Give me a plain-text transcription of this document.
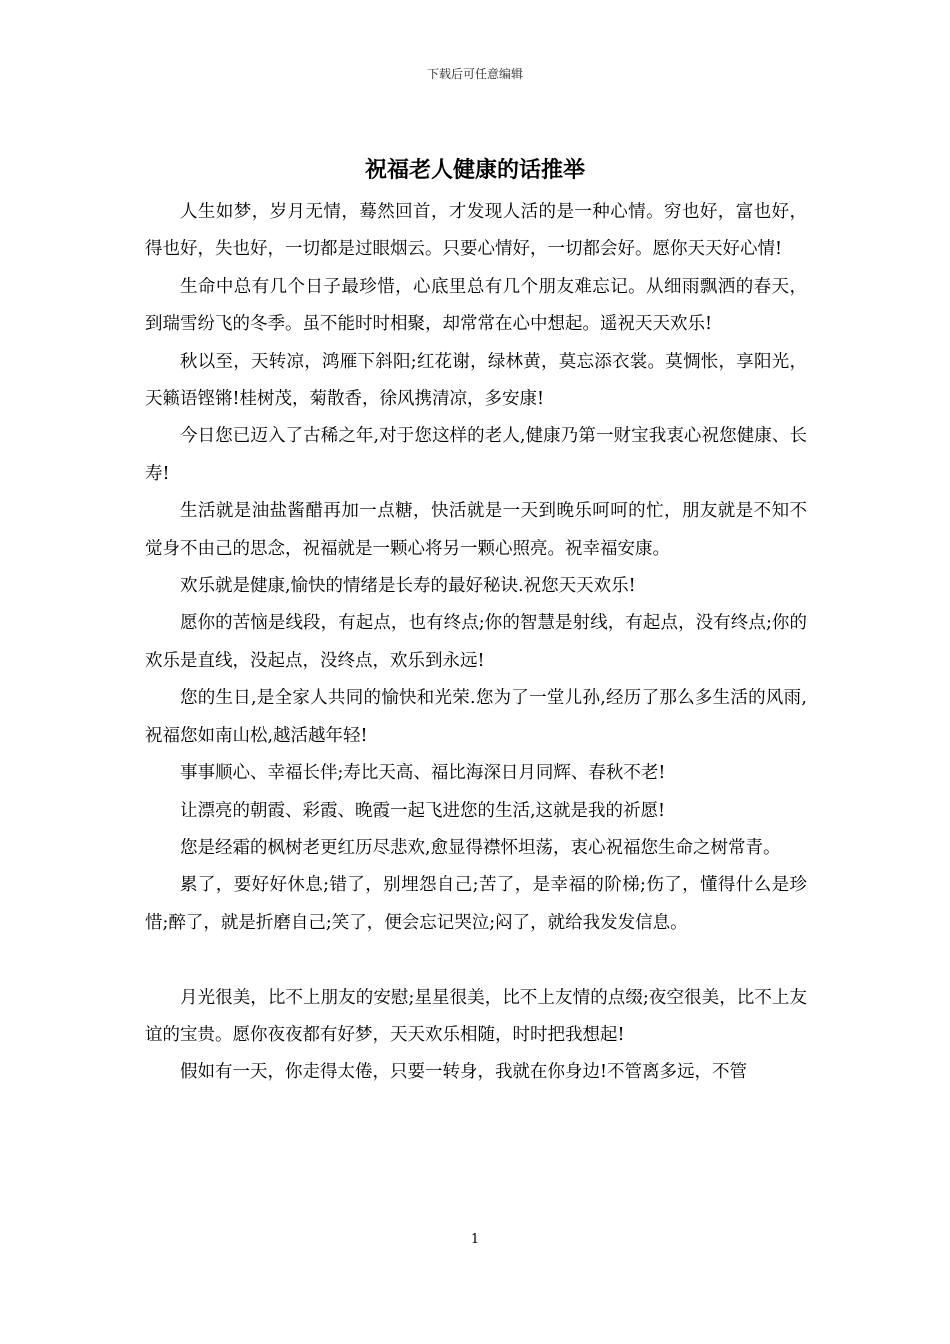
下载后可任意编辑
祝福老人健康的话推举

人生如梦，岁月无情，蓦然回首，才发现人活的是一种心情。穷也好，富也好，得也好，失也好，一切都是过眼烟云。只要心情好，一切都会好。愿你天天好心情!

生命中总有几个日子最珍惜，心底里总有几个朋友难忘记。从细雨飘洒的春天，到瑞雪纷飞的冬季。虽不能时时相聚，却常常在心中想起。遥祝天天欢乐!

秋以至，天转凉，鸿雁下斜阳;红花谢，绿林黄，莫忘添衣裳。莫惆怅，享阳光，天籁语铿锵!桂树茂，菊散香，徐风携清凉，多安康!

今日您已迈入了古稀之年,对于您这样的老人,健康乃第一财宝我衷心祝您健康、长寿!

生活就是油盐酱醋再加一点糖，快活就是一天到晚乐呵呵的忙，朋友就是不知不觉身不由己的思念，祝福就是一颗心将另一颗心照亮。祝幸福安康。

欢乐就是健康,愉快的情绪是长寿的最好秘诀.祝您天天欢乐!

愿你的苦恼是线段，有起点，也有终点;你的智慧是射线，有起点，没有终点;你的欢乐是直线，没起点，没终点，欢乐到永远!

您的生日,是全家人共同的愉快和光荣.您为了一堂儿孙,经历了那么多生活的风雨,祝福您如南山松,越活越年轻!

事事顺心、幸福长伴;寿比天高、福比海深日月同辉、春秋不老!

让漂亮的朝霞、彩霞、晚霞一起飞进您的生活,这就是我的祈愿!

您是经霜的枫树老更红历尽悲欢,愈显得襟怀坦荡，衷心祝福您生命之树常青。

累了，要好好休息;错了，别埋怨自己;苦了，是幸福的阶梯;伤了，懂得什么是珍惜;醉了，就是折磨自己;笑了，便会忘记哭泣;闷了，就给我发发信息。

月光很美，比不上朋友的安慰;星星很美，比不上友情的点缀;夜空很美，比不上友谊的宝贵。愿你夜夜都有好梦，天天欢乐相随，时时把我想起!

假如有一天，你走得太倦，只要一转身，我就在你身边!不管离多远，不管

1
